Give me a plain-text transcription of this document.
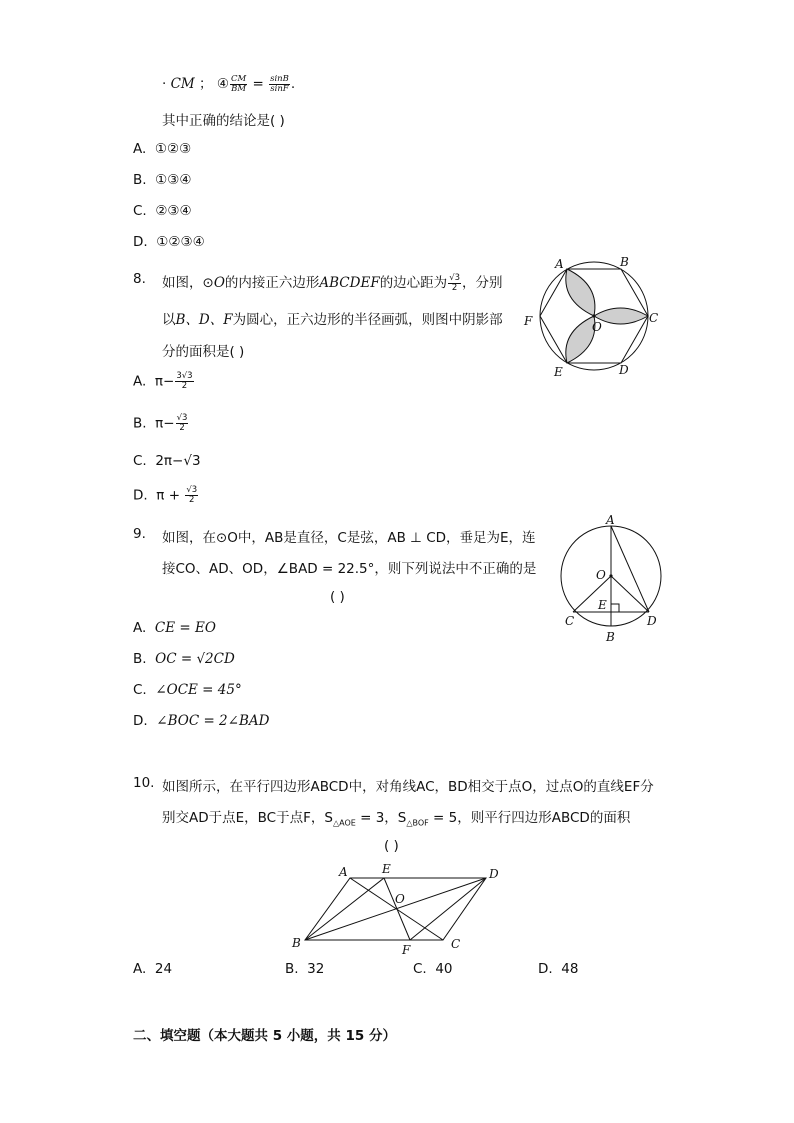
· CM ； ④ $\frac{CM}{BM} = \frac{\sin B}{\sin F}$ .
其中正确的结论是( )
A. ①②③
B. ①③④
C. ②③④
D. ①②③④
8. 如图，⊙O的内接正六边形ABCDEF的边心距为 $\frac{√3}{2}$ ，分别
以B、D、F为圆心，正六边形的半径画弧，则图中阴影部
分的面积是( )
A. $\pi- \frac{3√3}{2}$
B. $\pi- \frac{√3}{2}$
C. 2π−√3
D. $\pi + \frac{√3}{2}$
A	B
C
D
E
F	O
9. 如图，在⊙O中，AB是直径，C是弦，AB ⊥ CD，垂足为E，连
接CO、AD、OD，∠BAD = 22.5°，则下列说法中不正确的是
( )
A. CE = EO
B. OC = √2CD
C. ∠OCE = 45°
D. ∠BOC = 2∠BAD
A
O
E
C
B
D
10. 如图所示，在平行四边形ABCD中，对角线AC，BD相交于点O，过点O的直线EF分
别交AD于点E，BC于点F，$S_{\triangle AOE} = 3$，$S_{\triangle BOF} = 5$，则平行四边形ABCD的面积
( )
A	E	D
O
B	F	C
A. 24	B. 32	C. 40	D. 48
二、填空题（本大题共 5 小题，共 15 分）
